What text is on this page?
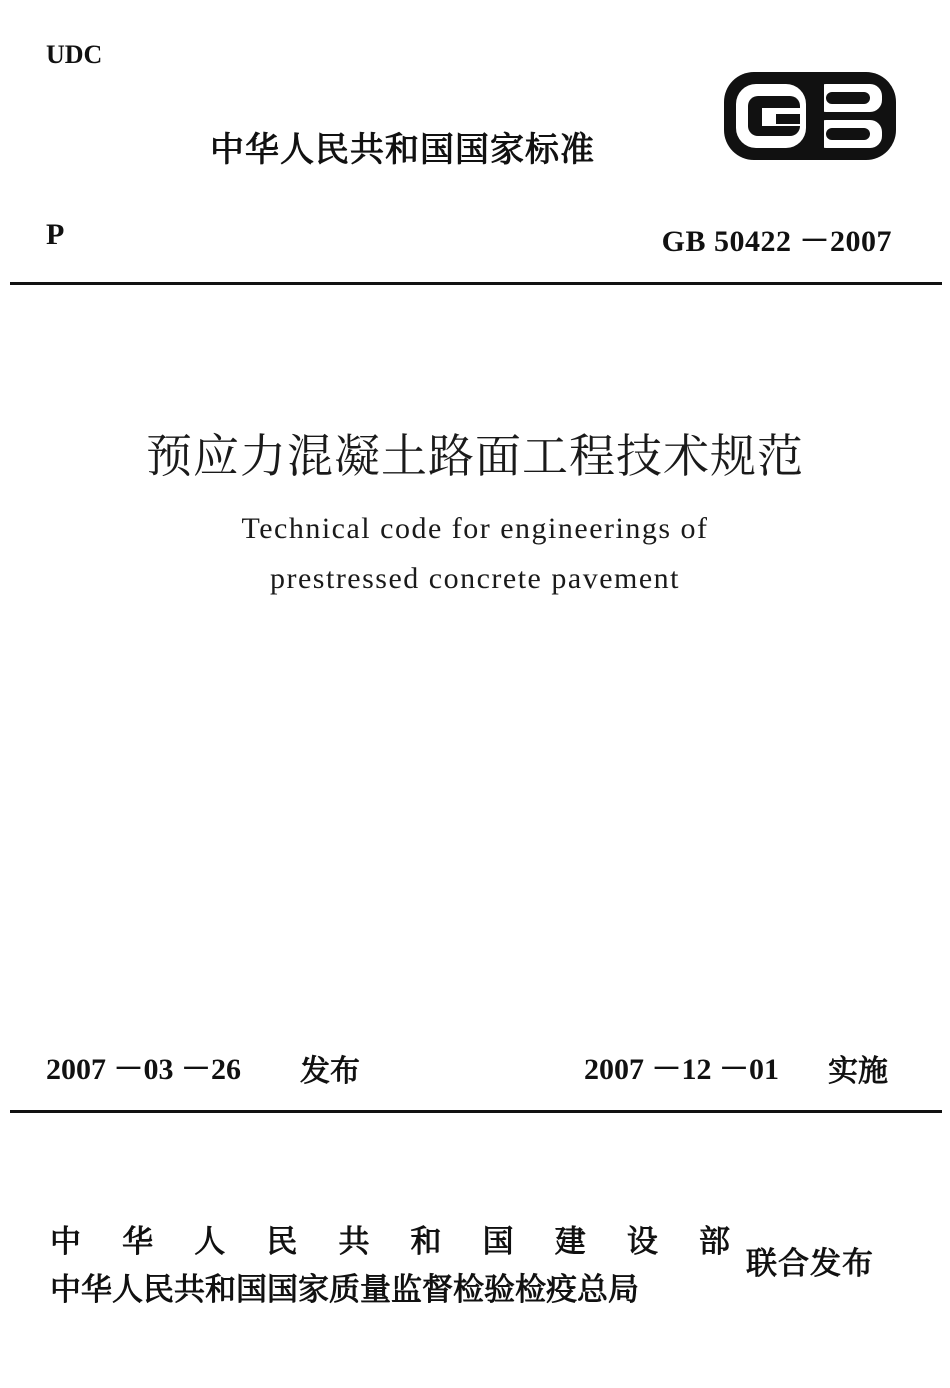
UDC
中华人民共和国国家标准
P	GB 50422 －2007
预应力混凝土路面工程技术规范
Technical code for engineerings of
prestressed concrete pavement
2007 －03 －26 发布	2007 －12 －01 实施
中 华 人 民 共 和 国 建 设 部
中华人民共和国国家质量监督检验检疫总局
联合发布
